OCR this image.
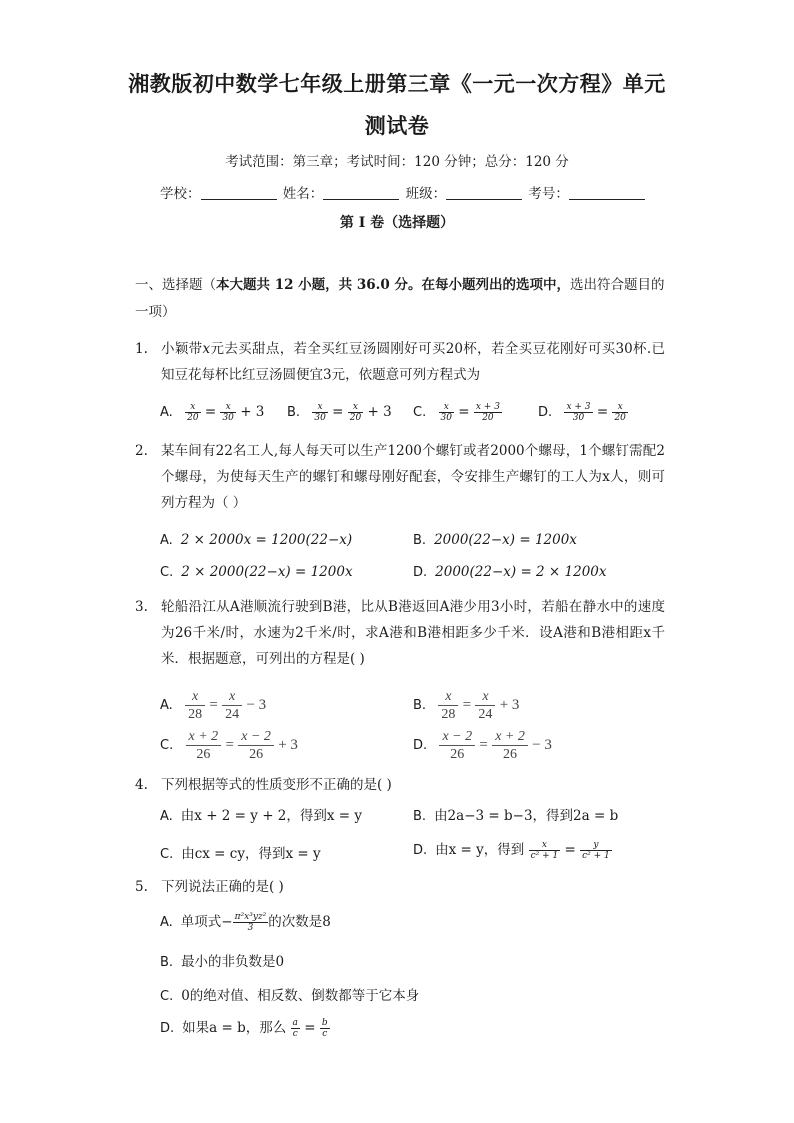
湘教版初中数学七年级上册第三章《一元一次方程》单元
测试卷
考试范围：第三章；考试时间：120 分钟；总分：120 分
学校：	姓名：	班级：	考号：
第 I 卷（选择题）
一、选择题（本大题共 12 小题，共 36.0 分。在每小题列出的选项中，选出符合题目的一项）
1. 小颖带x元去买甜点，若全买红豆汤圆刚好可买20杯，若全买豆花刚好可买30杯.已知豆花每杯比红豆汤圆便宜3元，依题意可列方程式为
A. $\frac{x}{20} = \frac{x}{30} + 3$ B. $\frac{x}{30} = \frac{x}{20} + 3$ C. $\frac{x}{30} = \frac{x + 3}{20}$	D. $\frac{x + 3}{30} = \frac{x}{20}$
2. 某车间有22名工人,每人每天可以生产1200个螺钉或者2000个螺母，1个螺钉需配2个螺母，为使每天生产的螺钉和螺母刚好配套，令安排生产螺钉的工人为x人，则可列方程为（ ）
A. 2 × 2000x = 1200(22−x)	B. 2000(22−x) = 1200x
C. 2 × 2000(22−x) = 1200x	D. 2000(22−x) = 2 × 1200x
3. 轮船沿江从A港顺流行驶到B港，比从B港返回A港少用3小时，若船在静水中的速度为26千米/时，水速为2千米/时，求A港和B港相距多少千米．设A港和B港相距x千米．根据题意，可列出的方程是( )
A. $\frac{x}{28} = \frac{x}{24} - 3$	B. $\frac{x}{28} = \frac{x}{24} + 3$
C. $\frac{x + 2}{26} = \frac{x - 2}{26} + 3$	D. $\frac{x - 2}{26} = \frac{x + 2}{26} - 3$
4. 下列根据等式的性质变形不正确的是( )
A. 由x + 2 = y + 2，得到x = y	B. 由2a−3 = b−3，得到2a = b
C. 由cx = cy，得到x = y	D. 由x = y，得到 $\frac{x}{\text{c² + 1}} = \frac{y}{\text{c² + 1}}$
5. 下列说法正确的是( )
A. 单项式− $\frac{\text{π²x³yz²}}{3}$ 的次数是8
B. 最小的非负数是0
C. 0的绝对值、相反数、倒数都等于它本身
D. 如果a = b，那么 $\frac{a}{c} = \frac{b}{c}$
